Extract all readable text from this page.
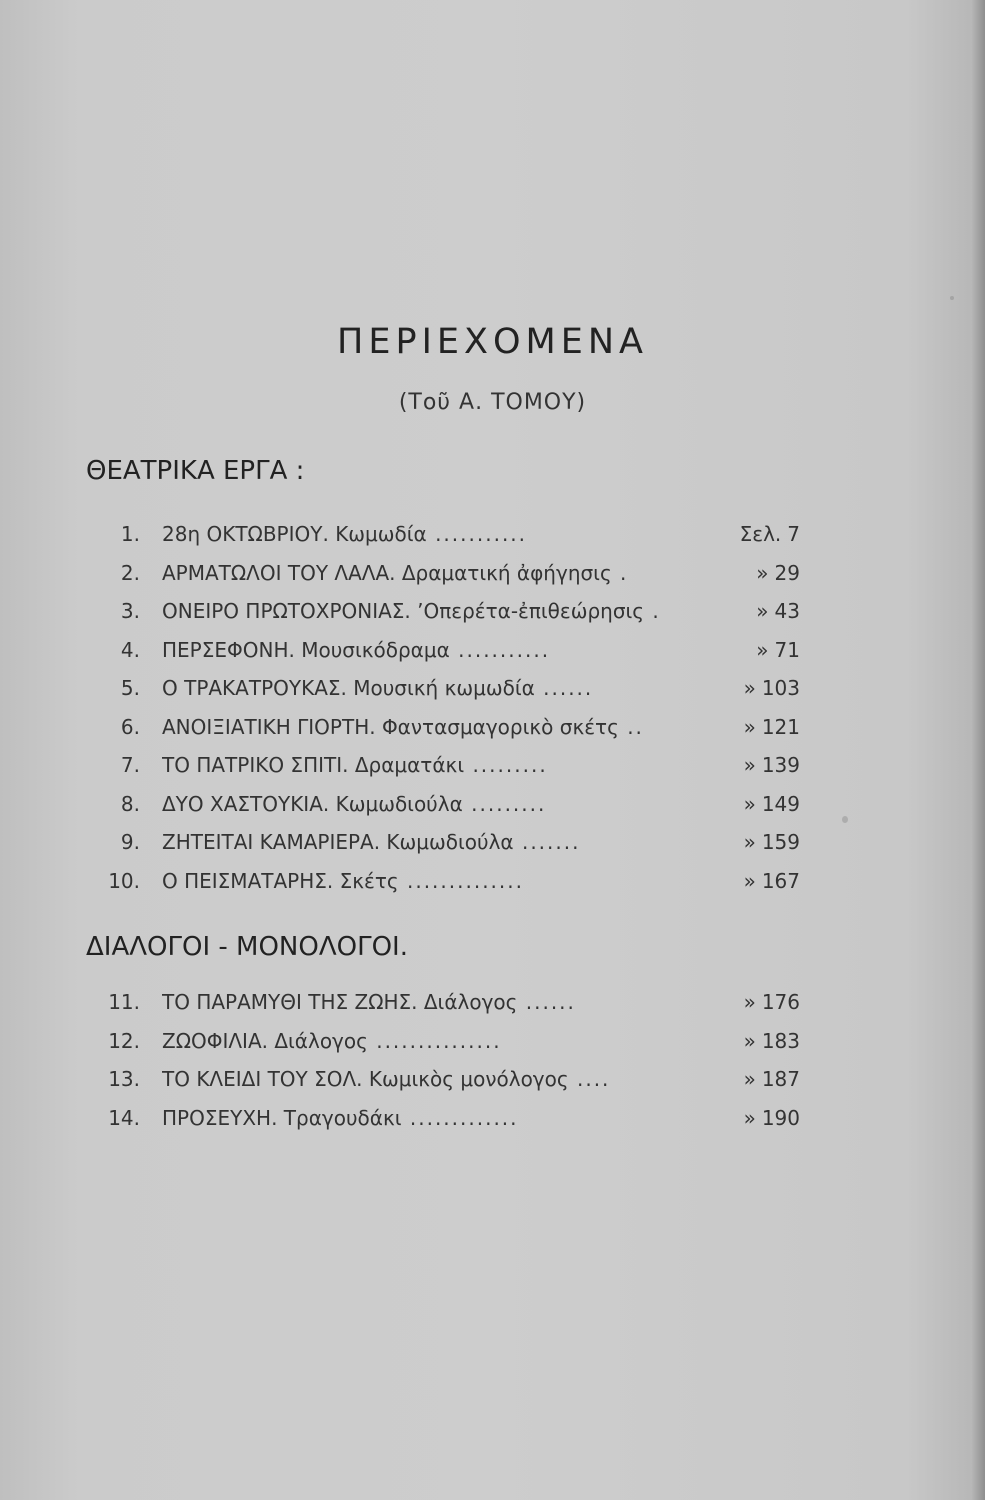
ΠΕΡΙΕΧΟΜΕΝΑ
(Τοῦ Α. ΤΟΜΟΥ)
ΘΕΑΤΡΙΚΑ ΕΡΓΑ :
1. 28η ΟΚΤΩΒΡΙΟΥ. Κωμωδία ...........	Σελ. 7
2. ΑΡΜΑΤΩΛΟΙ ΤΟΥ ΛΑΛΑ. Δραματική ἀφήγησις .	» 29
3. ΟΝΕΙΡΟ ΠΡΩΤΟΧΡΟΝΙΑΣ. ’Οπερέτα-ἐπιθεώρησις .	» 43
4. ΠΕΡΣΕΦΟΝΗ. Μουσικόδραμα ...........	» 71
5. Ο ΤΡΑΚΑΤΡΟΥΚΑΣ. Μουσική κωμωδία ......	» 103
6. ΑΝΟΙΞΙΑΤΙΚΗ ΓΙΟΡΤΗ. Φαντασμαγορικὸ σκέτς ..	» 121
7. ΤΟ ΠΑΤΡΙΚΟ ΣΠΙΤΙ. Δραματάκι .........	» 139
8. ΔΥΟ ΧΑΣΤΟΥΚΙΑ. Κωμωδιούλα .........	» 149
9. ΖΗΤΕΙΤΑΙ ΚΑΜΑΡΙΕΡΑ. Κωμωδιούλα .......	» 159
10. Ο ΠΕΙΣΜΑΤΑΡΗΣ. Σκέτς ..............	» 167
ΔΙΑΛΟΓΟΙ - ΜΟΝΟΛΟΓΟΙ.
11. ΤΟ ΠΑΡΑΜΥΘΙ ΤΗΣ ΖΩΗΣ. Διάλογος ......	» 176
12. ΖΩΟΦΙΛΙΑ. Διάλογος ...............	» 183
13. ΤΟ ΚΛΕΙΔΙ ΤΟΥ ΣΟΛ. Κωμικὸς μονόλογος ....	» 187
14. ΠΡΟΣΕΥΧΗ. Τραγουδάκι .............	» 190
